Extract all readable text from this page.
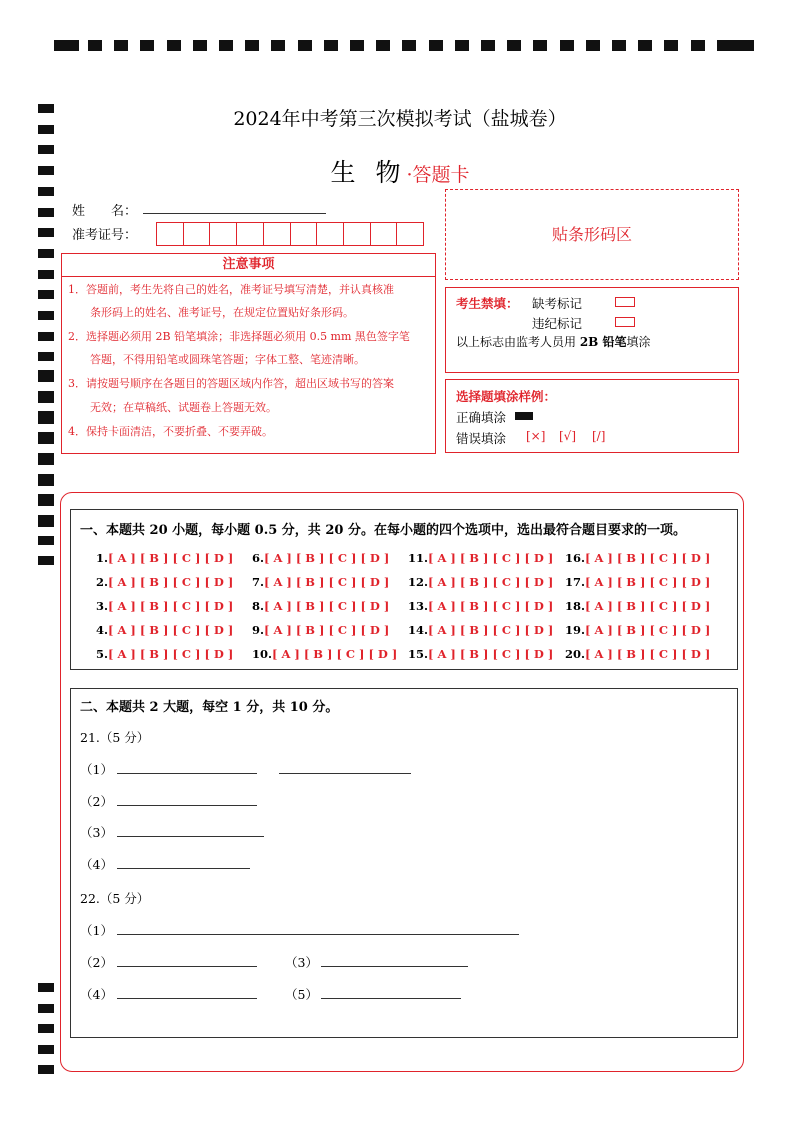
2024年中考第三次模拟考试（盐城卷）
生 物·答题卡
姓　　名：
准考证号：	贴条形码区
注意事项
1．答题前，考生先将自己的姓名，准考证号填写清楚，并认真核准
　　条形码上的姓名、准考证号，在规定位置贴好条形码。
2．选择题必须用 2B 铅笔填涂；非选择题必须用 0.5 mm 黑色签字笔
　　答题，不得用铅笔或圆珠笔答题；字体工整、笔迹清晰。
3．请按题号顺序在各题目的答题区域内作答，超出区域书写的答案
　　无效；在草稿纸、试题卷上答题无效。
4．保持卡面清洁，不要折叠、不要弄破。
考生禁填： 缺考标记
违纪标记
以上标志由监考人员用 2B 铅笔填涂
选择题填涂样例：
正确填涂
错误填涂 [×] [√] [/]
一、本题共 20 小题，每小题 0.5 分，共 20 分。在每小题的四个选项中，选出最符合题目要求的一项。
1.[ A ] [ B ] [ C ] [ D ]
2.[ A ] [ B ] [ C ] [ D ]
3.[ A ] [ B ] [ C ] [ D ]
4.[ A ] [ B ] [ C ] [ D ]
5.[ A ] [ B ] [ C ] [ D ]
6.[ A ] [ B ] [ C ] [ D ]
7.[ A ] [ B ] [ C ] [ D ]
8.[ A ] [ B ] [ C ] [ D ]
9.[ A ] [ B ] [ C ] [ D ]
10.[ A ] [ B ] [ C ] [ D ]
11.[ A ] [ B ] [ C ] [ D ]
12.[ A ] [ B ] [ C ] [ D ]
13.[ A ] [ B ] [ C ] [ D ]
14.[ A ] [ B ] [ C ] [ D ]
15.[ A ] [ B ] [ C ] [ D ]
16.[ A ] [ B ] [ C ] [ D ]
17.[ A ] [ B ] [ C ] [ D ]
18.[ A ] [ B ] [ C ] [ D ]
19.[ A ] [ B ] [ C ] [ D ]
20.[ A ] [ B ] [ C ] [ D ]
二、本题共 2 大题，每空 1 分，共 10 分。
21.（5 分）
（1）
（2）
（3）
（4）
22.（5 分）
（1）
（2）	（3）
（4）	（5）
